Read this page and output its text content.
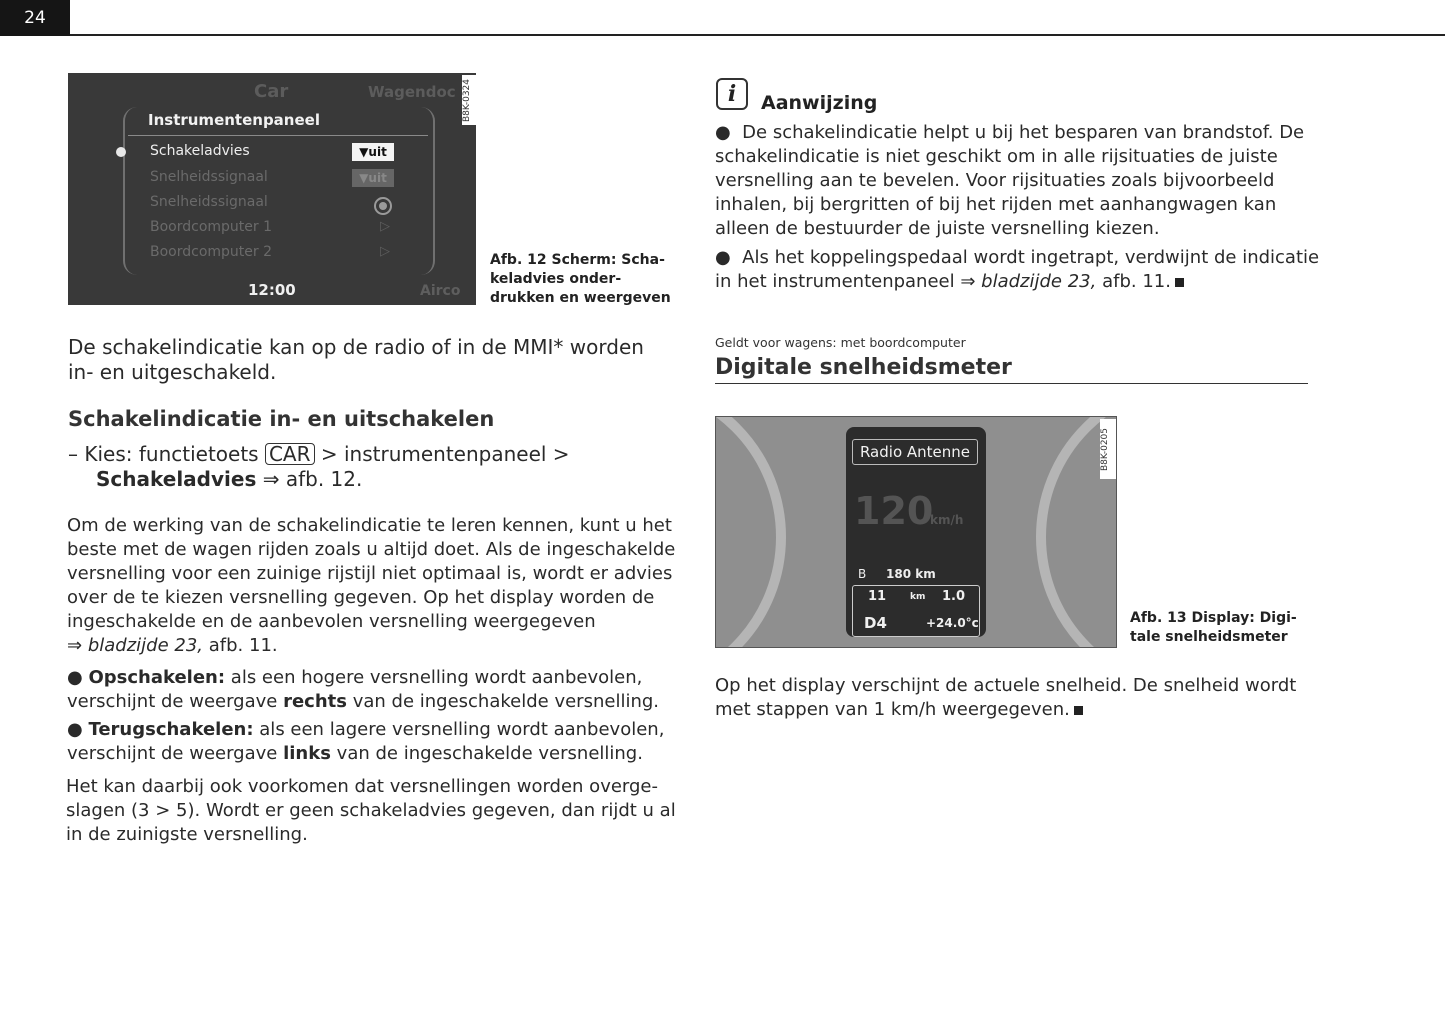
24
Car	Wagendoc
Instrumentenpaneel
Schakeladvies	▼uit
Snelheidssignaal	▼uit
Snelheidssignaal
Boordcomputer 1	▷
Boordcomputer 2	▷
12:00	Airco
B8K-0324
Afb. 12 Scherm: Scha-
keladvies onder-
drukken en weergeven
De schakelindicatie kan op de radio of in de MMI* worden
in- en uitgeschakeld.
Schakelindicatie in- en uitschakelen
– Kies: functietoets CAR > instrumentenpaneel >
Schakeladvies ⇒ afb. 12.
Om de werking van de schakelindicatie te leren kennen, kunt u het
beste met de wagen rijden zoals u altijd doet. Als de ingeschakelde
versnelling voor een zuinige rijstijl niet optimaal is, wordt er advies
over de te kiezen versnelling gegeven. Op het display worden de
ingeschakelde en de aanbevolen versnelling weergegeven
⇒ bladzijde 23, afb. 11.
● Opschakelen: als een hogere versnelling wordt aanbevolen,
verschijnt de weergave rechts van de ingeschakelde versnelling.
● Terugschakelen: als een lagere versnelling wordt aanbevolen,
verschijnt de weergave links van de ingeschakelde versnelling.
Het kan daarbij ook voorkomen dat versnellingen worden overge-
slagen (3 > 5). Wordt er geen schakeladvies gegeven, dan rijdt u al
in de zuinigste versnelling.
i	Aanwijzing
●  De schakelindicatie helpt u bij het besparen van brandstof. De
schakelindicatie is niet geschikt om in alle rijsituaties de juiste
versnelling aan te bevelen. Voor rijsituaties zoals bijvoorbeeld
inhalen, bij bergritten of bij het rijden met aanhangwagen kan
alleen de bestuurder de juiste versnelling kiezen.
●  Als het koppelingspedaal wordt ingetrapt, verdwijnt de indicatie
in het instrumentenpaneel ⇒ bladzijde 23, afb. 11.
Geldt voor wagens: met boordcomputer
Digitale snelheidsmeter
Radio Antenne
120
km/h
B 180 km
11	km 1.0
D4	+24.0°c
B8K-0205
Afb. 13 Display: Digi-
tale snelheidsmeter
Op het display verschijnt de actuele snelheid. De snelheid wordt
met stappen van 1 km/h weergegeven.
